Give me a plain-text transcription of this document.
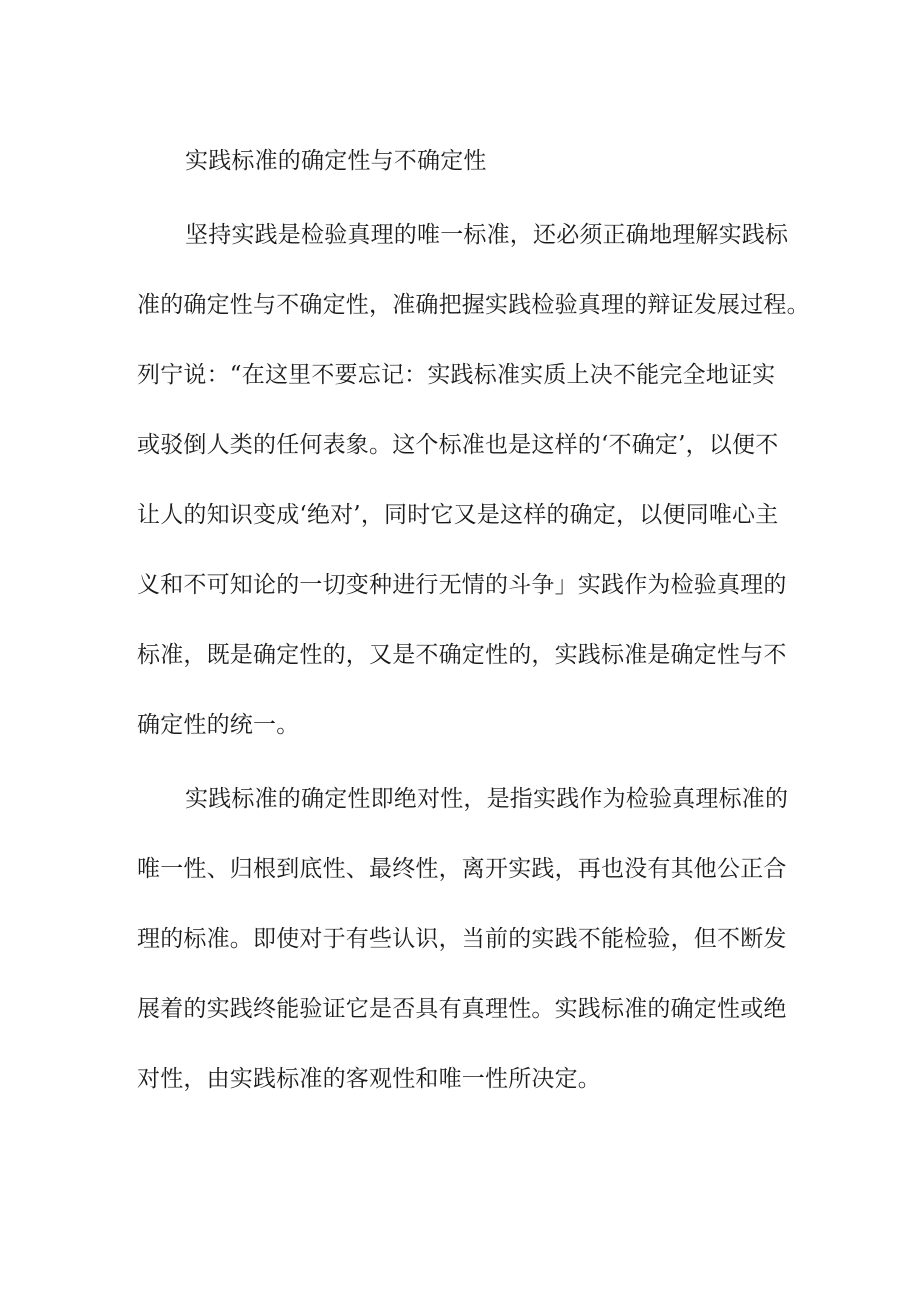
实践标准的确定性与不确定性
坚持实践是检验真理的唯一标准，还必须正确地理解实践标
准的确定性与不确定性，准确把握实践检验真理的辩证发展过程。
列宁说：“在这里不要忘记：实践标准实质上决不能完全地证实
或驳倒人类的任何表象。这个标准也是这样的‘不确定’，以便不
让人的知识变成‘绝对’，同时它又是这样的确定，以便同唯心主
义和不可知论的一切变种进行无情的斗争」实践作为检验真理的
标准，既是确定性的，又是不确定性的，实践标准是确定性与不
确定性的统一。
实践标准的确定性即绝对性，是指实践作为检验真理标准的
唯一性、归根到底性、最终性，离开实践，再也没有其他公正合
理的标准。即使对于有些认识，当前的实践不能检验，但不断发
展着的实践终能验证它是否具有真理性。实践标准的确定性或绝
对性，由实践标准的客观性和唯一性所决定。
